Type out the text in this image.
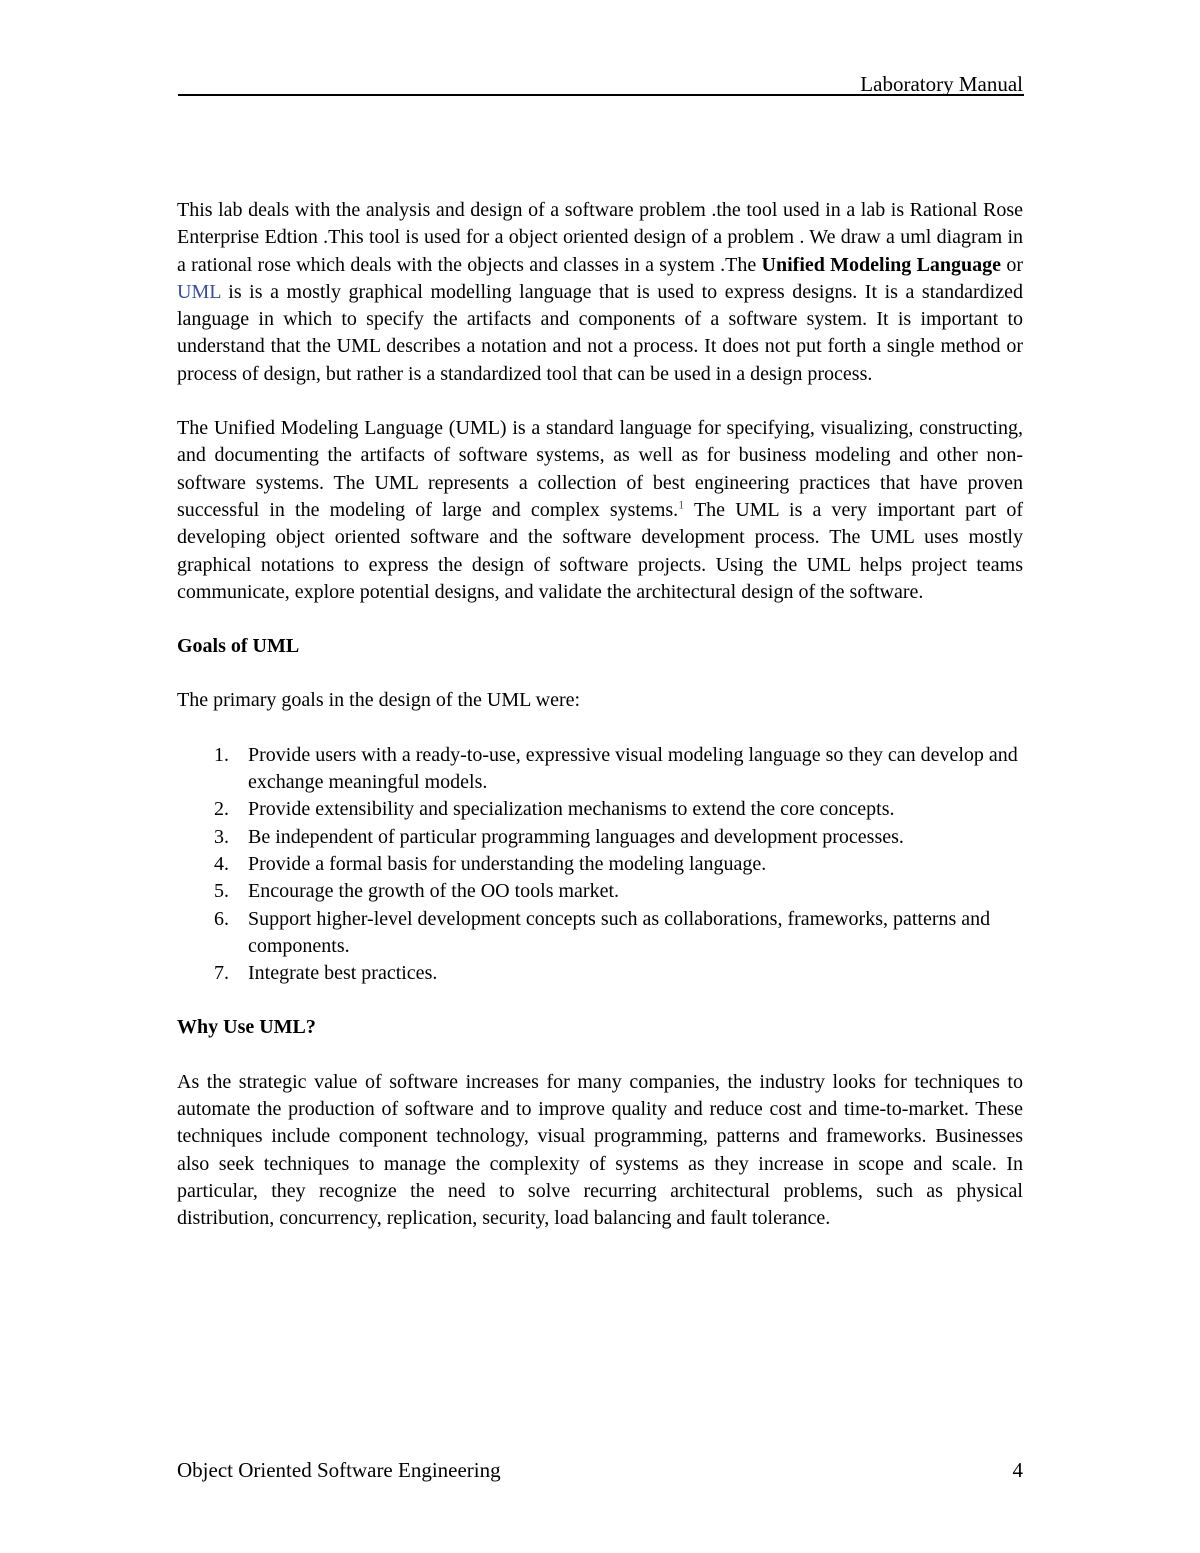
Laboratory Manual

This lab deals with the analysis and design of a software problem .the tool used in a lab is Rational Rose Enterprise Edtion .This tool is used for a object oriented design of a problem . We draw a uml diagram in a rational rose which deals with the objects and classes in a system .The Unified Modeling Language or UML is is a mostly graphical modelling language that is used to express designs. It is a standardized language in which to specify the artifacts and components of a software system. It is important to understand that the UML describes a notation and not a process. It does not put forth a single method or process of design, but rather is a standardized tool that can be used in a design process.

The Unified Modeling Language (UML) is a standard language for specifying, visualizing, constructing, and documenting the artifacts of software systems, as well as for business modeling and other non-software systems. The UML represents a collection of best engineering practices that have proven successful in the modeling of large and complex systems.$^1$ The UML is a very important part of developing object oriented software and the software development process. The UML uses mostly graphical notations to express the design of software projects. Using the UML helps project teams communicate, explore potential designs, and validate the architectural design of the software.

Goals of UML

The primary goals in the design of the UML were:

1. Provide users with a ready-to-use, expressive visual modeling language so they can develop and exchange meaningful models.
2. Provide extensibility and specialization mechanisms to extend the core concepts.
3. Be independent of particular programming languages and development processes.
4. Provide a formal basis for understanding the modeling language.
5. Encourage the growth of the OO tools market.
6. Support higher-level development concepts such as collaborations, frameworks, patterns and components.
7. Integrate best practices.

Why Use UML?

As the strategic value of software increases for many companies, the industry looks for techniques to automate the production of software and to improve quality and reduce cost and time-to-market. These techniques include component technology, visual programming, patterns and frameworks. Businesses also seek techniques to manage the complexity of systems as they increase in scope and scale. In particular, they recognize the need to solve recurring architectural problems, such as physical distribution, concurrency, replication, security, load balancing and fault tolerance.

Object Oriented Software Engineering	4
